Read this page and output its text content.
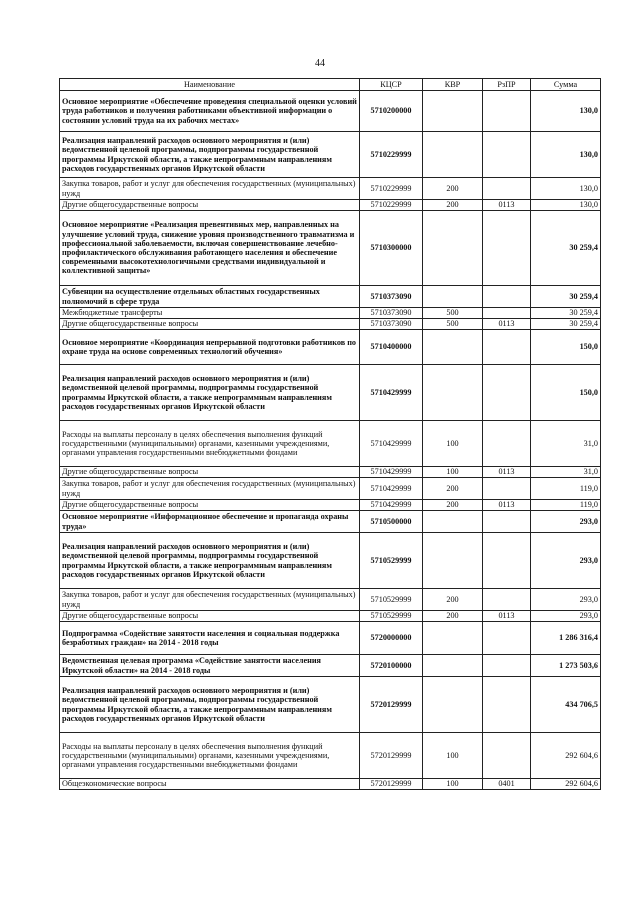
44
Наименование	КЦСР	КВР	РзПР	Сумма
Основное мероприятие «Обеспечение проведения специальной оценки условий труда работников и получения работниками объективной информации о состоянии условий труда на их рабочих местах»	5710200000			130,0
Реализация направлений расходов основного мероприятия и (или) ведомственной целевой программы, подпрограммы государственной программы Иркутской области, а также непрограммным направлениям расходов государственных органов Иркутской области	5710229999			130,0
Закупка товаров, работ и услуг для обеспечения государственных (муниципальных) нужд	5710229999	200		130,0
Другие общегосударственные вопросы	5710229999	200	0113	130,0
Основное мероприятие «Реализация превентивных мер, направленных на улучшение условий труда, снижение уровня производственного травматизма и профессиональной заболеваемости, включая совершенствование лечебно-профилактического обслуживания работающего населения и обеспечение современными высокотехнологичными средствами индивидуальной и коллективной защиты»	5710300000			30 259,4
Субвенции на осуществление отдельных областных государственных полномочий в сфере труда	5710373090			30 259,4
Межбюджетные трансферты	5710373090	500		30 259,4
Другие общегосударственные вопросы	5710373090	500	0113	30 259,4
Основное мероприятие «Координация непрерывной подготовки работников по охране труда на основе современных технологий обучения»	5710400000			150,0
Реализация направлений расходов основного мероприятия и (или) ведомственной целевой программы, подпрограммы государственной программы Иркутской области, а также непрограммным направлениям расходов государственных органов Иркутской области	5710429999			150,0
Расходы на выплаты персоналу в целях обеспечения выполнения функций государственными (муниципальными) органами, казенными учреждениями, органами управления государственными внебюджетными фондами	5710429999	100		31,0
Другие общегосударственные вопросы	5710429999	100	0113	31,0
Закупка товаров, работ и услуг для обеспечения государственных (муниципальных) нужд	5710429999	200		119,0
Другие общегосударственные вопросы	5710429999	200	0113	119,0
Основное мероприятие «Информационное обеспечение и пропаганда охраны труда»	5710500000			293,0
Реализация направлений расходов основного мероприятия и (или) ведомственной целевой программы, подпрограммы государственной программы Иркутской области, а также непрограммным направлениям расходов государственных органов Иркутской области	5710529999			293,0
Закупка товаров, работ и услуг для обеспечения государственных (муниципальных) нужд	5710529999	200		293,0
Другие общегосударственные вопросы	5710529999	200	0113	293,0
Подпрограмма «Содействие занятости населения и социальная поддержка безработных граждан» на 2014 - 2018 годы	5720000000			1 286 316,4
Ведомственная целевая программа «Содействие занятости населения Иркутской области» на 2014 - 2018 годы	5720100000			1 273 503,6
Реализация направлений расходов основного мероприятия и (или) ведомственной целевой программы, подпрограммы государственной программы Иркутской области, а также непрограммным направлениям расходов государственных органов Иркутской области	5720129999			434 706,5
Расходы на выплаты персоналу в целях обеспечения выполнения функций государственными (муниципальными) органами, казенными учреждениями, органами управления государственными внебюджетными фондами	5720129999	100		292 604,6
Общеэкономические вопросы	5720129999	100	0401	292 604,6
